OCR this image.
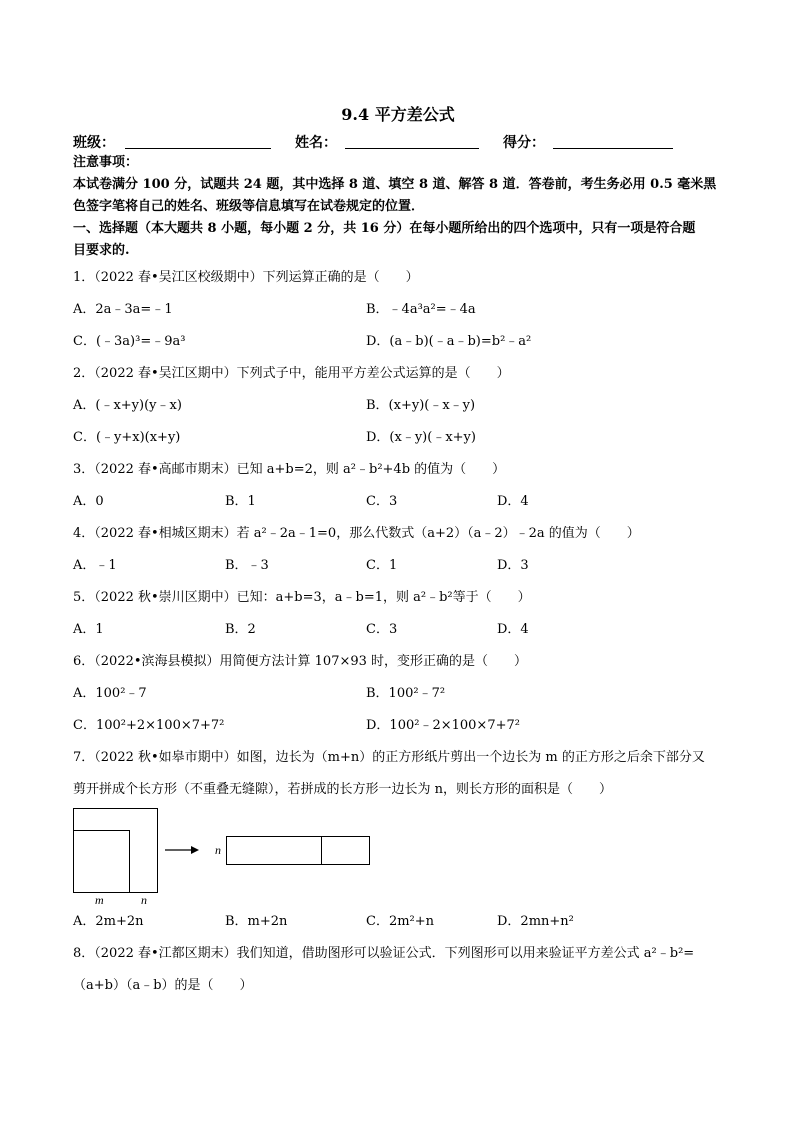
9.4 平方差公式
班级：	姓名：	得分：
注意事项：
本试卷满分 100 分，试题共 24 题，其中选择 8 道、填空 8 道、解答 8 道．答卷前，考生务必用 0.5 毫米黑
色签字笔将自己的姓名、班级等信息填写在试卷规定的位置．
一、选择题（本大题共 8 小题，每小题 2 分，共 16 分）在每小题所给出的四个选项中，只有一项是符合题
目要求的.
1．（2022 春•吴江区校级期中）下列运算正确的是（　　）
A．2a﹣3a=﹣1	B．﹣4a³a²=﹣4a
C．(﹣3a)³=﹣9a³	D．(a﹣b)(﹣a﹣b)=b²﹣a²
2．（2022 春•吴江区期中）下列式子中，能用平方差公式运算的是（　　）
A．(﹣x+y)(y﹣x)	B．(x+y)(﹣x﹣y)
C．(﹣y+x)(x+y)	D．(x﹣y)(﹣x+y)
3．（2022 春•高邮市期末）已知 a+b=2，则 a²﹣b²+4b 的值为（　　）
A．0	B．1	C．3	D．4
4．（2022 春•相城区期末）若 a²﹣2a﹣1=0，那么代数式（a+2）（a﹣2）﹣2a 的值为（　　）
A．﹣1	B．﹣3	C．1	D．3
5．（2022 秋•崇川区期中）已知：a+b=3，a﹣b=1，则 a²﹣b²等于（　　）
A．1	B．2	C．3	D．4
6．（2022•滨海县模拟）用简便方法计算 107×93 时，变形正确的是（　　）
A．100²﹣7	B．100²﹣7²
C．100²+2×100×7+7²	D．100²﹣2×100×7+7²
7．（2022 秋•如皋市期中）如图，边长为（m+n）的正方形纸片剪出一个边长为 m 的正方形之后余下部分又
剪开拼成个长方形（不重叠无缝隙），若拼成的长方形一边长为 n，则长方形的面积是（　　）
n
m	n
A．2m+2n	B．m+2n	C．2m²+n	D．2mn+n²
8．（2022 春•江都区期末）我们知道，借助图形可以验证公式．下列图形可以用来验证平方差公式 a²﹣b²=
（a+b）（a﹣b）的是（　　）
